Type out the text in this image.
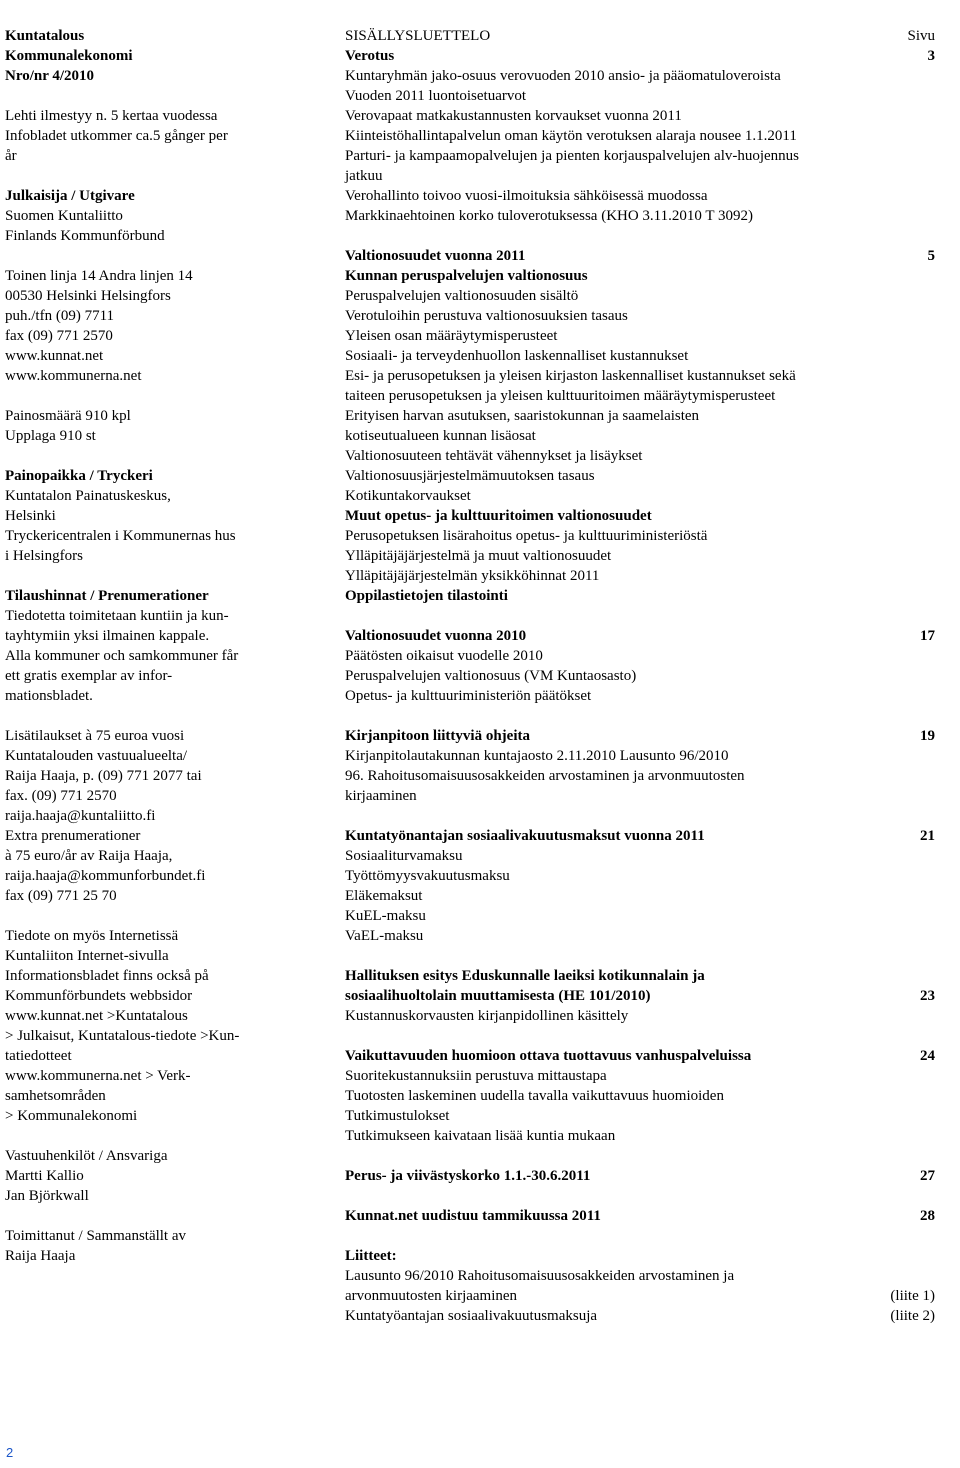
Kuntatalous
Kommunalekonomi
Nro/nr 4/2010
Lehti ilmestyy n. 5 kertaa vuodessa
Infobladet utkommer ca.5 gånger per
år
Julkaisija / Utgivare
Suomen Kuntaliitto
Finlands Kommunförbund
Toinen linja 14 Andra linjen 14
00530 Helsinki Helsingfors
puh./tfn (09) 7711
fax (09) 771 2570
www.kunnat.net
www.kommunerna.net
Painosmäärä 910 kpl
Upplaga 910 st
Painopaikka / Tryckeri
Kuntatalon Painatuskeskus,
Helsinki
Tryckericentralen i Kommunernas hus
i Helsingfors
Tilaushinnat / Prenumerationer
Tiedotetta toimitetaan kuntiin ja kun-
tayhtymiin yksi ilmainen kappale.
Alla kommuner och samkommuner får
ett gratis exemplar av infor-
mationsbladet.
Lisätilaukset à 75 euroa vuosi
Kuntatalouden vastuualueelta/
Raija Haaja, p. (09) 771 2077 tai
fax. (09) 771 2570
raija.haaja@kuntaliitto.fi
Extra prenumerationer
à 75 euro/år av Raija Haaja,
raija.haaja@kommunforbundet.fi
fax (09) 771 25 70
Tiedote on myös Internetissä
Kuntaliiton Internet-sivulla
Informationsbladet finns också på
Kommunförbundets webbsidor
www.kunnat.net >Kuntatalous
> Julkaisut, Kuntatalous-tiedote >Kun-
tatiedotteet
www.kommunerna.net > Verk-
samhetsområden
> Kommunalekonomi
Vastuuhenkilöt / Ansvariga
Martti Kallio
Jan Björkwall
Toimittanut / Sammanställt av
Raija Haaja
SISÄLLYSLUETTELO	Sivu
Verotus	3
Kuntaryhmän jako-osuus verovuoden 2010 ansio- ja pääomatuloveroista
Vuoden 2011 luontoisetuarvot
Verovapaat matkakustannusten korvaukset vuonna 2011
Kiinteistöhallintapalvelun oman käytön verotuksen alaraja nousee 1.1.2011
Parturi- ja kampaamopalvelujen ja pienten korjauspalvelujen alv-huojennus
jatkuu
Verohallinto toivoo vuosi-ilmoituksia sähköisessä muodossa
Markkinaehtoinen korko tuloverotuksessa (KHO 3.11.2010 T 3092)
Valtionosuudet vuonna 2011	5
Kunnan peruspalvelujen valtionosuus
Peruspalvelujen valtionosuuden sisältö
Verotuloihin perustuva valtionosuuksien tasaus
Yleisen osan määräytymisperusteet
Sosiaali- ja terveydenhuollon laskennalliset kustannukset
Esi- ja perusopetuksen ja yleisen kirjaston laskennalliset kustannukset sekä
taiteen perusopetuksen ja yleisen kulttuuritoimen määräytymisperusteet
Erityisen harvan asutuksen, saaristokunnan ja saamelaisten
kotiseutualueen kunnan lisäosat
Valtionosuuteen tehtävät vähennykset ja lisäykset
Valtionosuusjärjestelmämuutoksen tasaus
Kotikuntakorvaukset
Muut opetus- ja kulttuuritoimen valtionosuudet
Perusopetuksen lisärahoitus opetus- ja kulttuuriministeriöstä
Ylläpitäjäjärjestelmä ja muut valtionosuudet
Ylläpitäjäjärjestelmän yksikköhinnat 2011
Oppilastietojen tilastointi
Valtionosuudet vuonna 2010	17
Päätösten oikaisut vuodelle 2010
Peruspalvelujen valtionosuus (VM Kuntaosasto)
Opetus- ja kulttuuriministeriön päätökset
Kirjanpitoon liittyviä ohjeita	19
Kirjanpitolautakunnan kuntajaosto 2.11.2010 Lausunto 96/2010
96. Rahoitusomaisuusosakkeiden arvostaminen ja arvonmuutosten
kirjaaminen
Kuntatyönantajan sosiaalivakuutusmaksut vuonna 2011	21
Sosiaaliturvamaksu
Työttömyysvakuutusmaksu
Eläkemaksut
KuEL-maksu
VaEL-maksu
Hallituksen esitys Eduskunnalle laeiksi kotikunnalain ja
sosiaalihuoltolain muuttamisesta (HE 101/2010)	23
Kustannuskorvausten kirjanpidollinen käsittely
Vaikuttavuuden huomioon ottava tuottavuus vanhuspalveluissa	24
Suoritekustannuksiin perustuva mittaustapa
Tuotosten laskeminen uudella tavalla vaikuttavuus huomioiden
Tutkimustulokset
Tutkimukseen kaivataan lisää kuntia mukaan
Perus- ja viivästyskorko 1.1.-30.6.2011	27
Kunnat.net uudistuu tammikuussa 2011	28
Liitteet:
Lausunto 96/2010 Rahoitusomaisuusosakkeiden arvostaminen ja
arvonmuutosten kirjaaminen	(liite 1)
Kuntatyöantajan sosiaalivakuutusmaksuja	(liite 2)
2
